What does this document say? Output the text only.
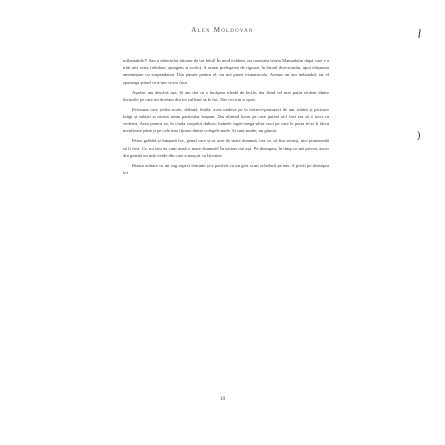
)
Alex Moldovan

inflamabile?! Sau a obiectelor tăioase de tot felul! În mod evident, nu cunoștea teoria Manualului după care s-a trăit aici viața (răbdare, ajungem și acolo). A urmat prelegerea de rigoare, în biroul directorului, apoi obișnuita amenințare cu suspendarea. Din păcate pentru el, nu mă putea exmatricula. Aveam un atu imbatabil, iar el spumega știind că n-are ce-mi face.

Așadar, am deschis ușa. Și am dat cu o încăpere ideală de lecție, dar fiind cel mai puțin violent dintre lucrurile pe care mi doream din tot sufletul să le fac. Dar ceva m-a oprit.

Persoana care ședea acolo, slăbuță, înaltă, avea undeva pe la treizeci-patruzeci de ani, mâini și picioare lungi și subțiri și niciun semn particular frapant. Dar ultimul lucru pe care puteai să-l faci era să o treci cu vederea. Avea pentru ea, în ciuda corpului dubios, hainele super-mega-ultra-cool pe care le purta le-ar fi făcut invidioase până și pe cele mai fițoase dintre colegele mele. Și sunt multe, nu glumă.

Părea grăbită și înțepată foc, genul care și-ar acre de mare doamnă, cea ce, să fim serioși, nici pomeneală să fi fost. Ce, nu știu eu cum arată o mare doamnă? În niciun caz așa. Pe deasupra, în timp ce mă privea, ascor din geantă un măr verde din care a mușcat cu lăcomie.

Bizara arătare cu un vag aspect feminin și-a potrivit cu un gest scurt ochelarii pe nas. A privit pe deasupra lor

10
